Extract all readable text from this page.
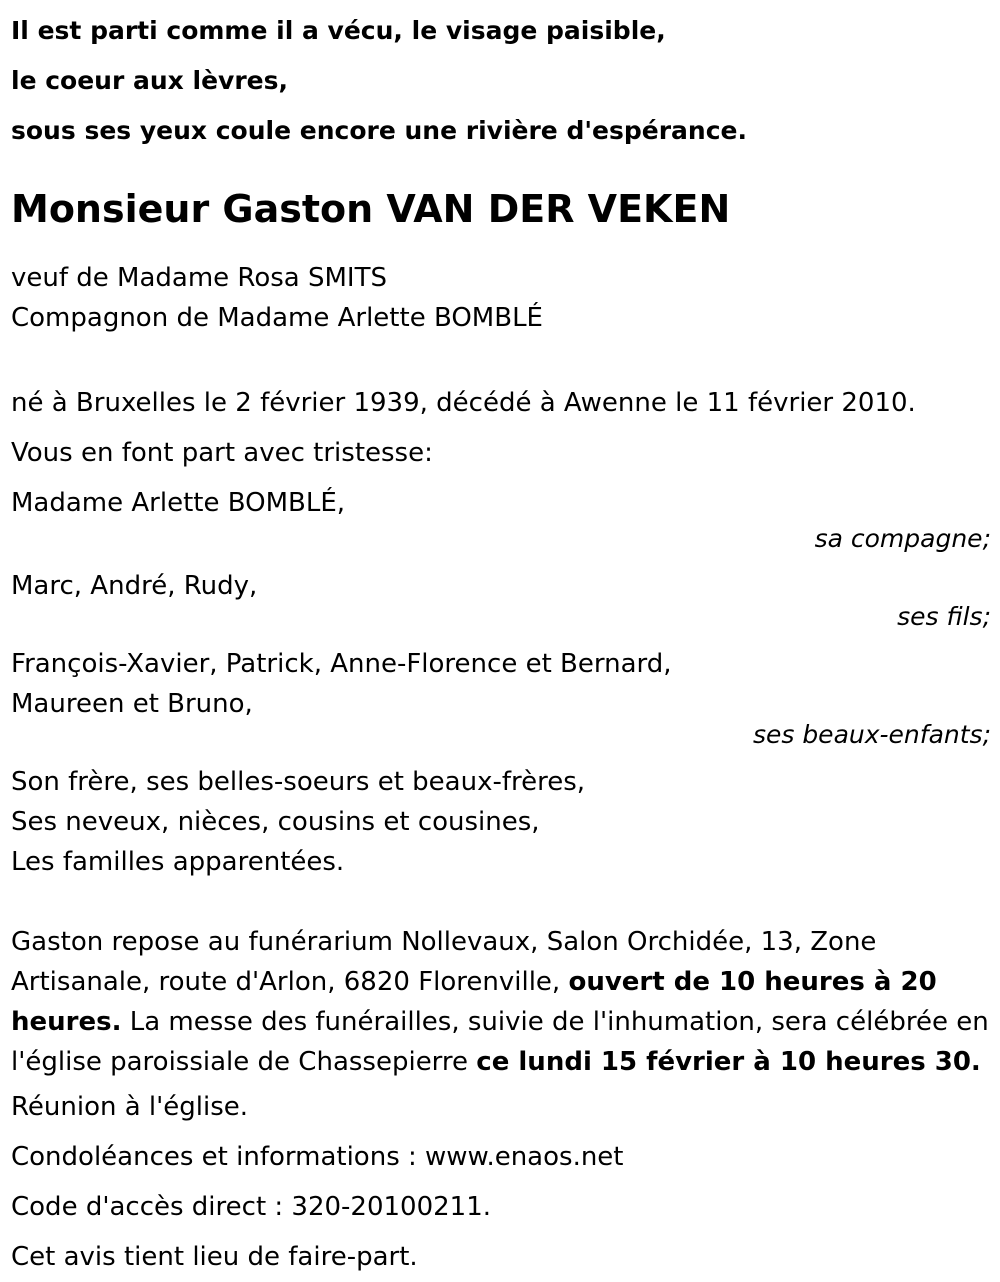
Il est parti comme il a vécu, le visage paisible,
le coeur aux lèvres,
sous ses yeux coule encore une rivière d'espérance.
Monsieur Gaston VAN DER VEKEN
veuf de Madame Rosa SMITS
Compagnon de Madame Arlette BOMBLÉ
né à Bruxelles le 2 février 1939, décédé à Awenne le 11 février 2010.
Vous en font part avec tristesse:
Madame Arlette BOMBLÉ,
sa compagne;
Marc, André, Rudy,
ses fils;
François-Xavier, Patrick, Anne-Florence et Bernard,
Maureen et Bruno,
ses beaux-enfants;
Son frère, ses belles-soeurs et beaux-frères,
Ses neveux, nièces, cousins et cousines,
Les familles apparentées.
Gaston repose au funérarium Nollevaux, Salon Orchidée, 13, Zone Artisanale, route d'Arlon, 6820 Florenville, ouvert de 10 heures à 20 heures. La messe des funérailles, suivie de l'inhumation, sera célébrée en l'église paroissiale de Chassepierre ce lundi 15 février à 10 heures 30.
Réunion à l'église.
Condoléances et informations : www.enaos.net
Code d'accès direct : 320-20100211.
Cet avis tient lieu de faire-part.
